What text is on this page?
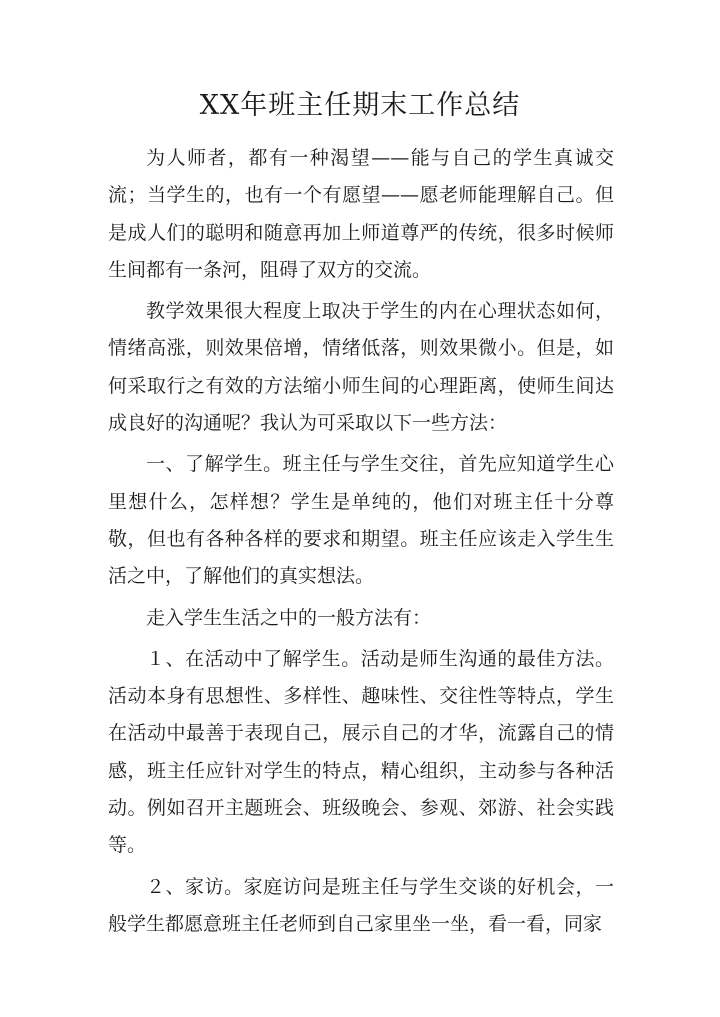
XX年班主任期末工作总结

为人师者，都有一种渴望——能与自己的学生真诚交流；当学生的，也有一个有愿望——愿老师能理解自己。但是成人们的聪明和随意再加上师道尊严的传统，很多时候师生间都有一条河，阻碍了双方的交流。

教学效果很大程度上取决于学生的内在心理状态如何，情绪高涨，则效果倍增，情绪低落，则效果微小。但是，如何采取行之有效的方法缩小师生间的心理距离，使师生间达成良好的沟通呢？我认为可采取以下一些方法：

一、了解学生。班主任与学生交往，首先应知道学生心里想什么，怎样想？学生是单纯的，他们对班主任十分尊敬，但也有各种各样的要求和期望。班主任应该走入学生生活之中，了解他们的真实想法。

走入学生生活之中的一般方法有：

１、在活动中了解学生。活动是师生沟通的最佳方法。活动本身有思想性、多样性、趣味性、交往性等特点，学生在活动中最善于表现自己，展示自己的才华，流露自己的情感，班主任应针对学生的特点，精心组织，主动参与各种活动。例如召开主题班会、班级晚会、参观、郊游、社会实践等。

２、家访。家庭访问是班主任与学生交谈的好机会，一般学生都愿意班主任老师到自己家里坐一坐，看一看，同家
